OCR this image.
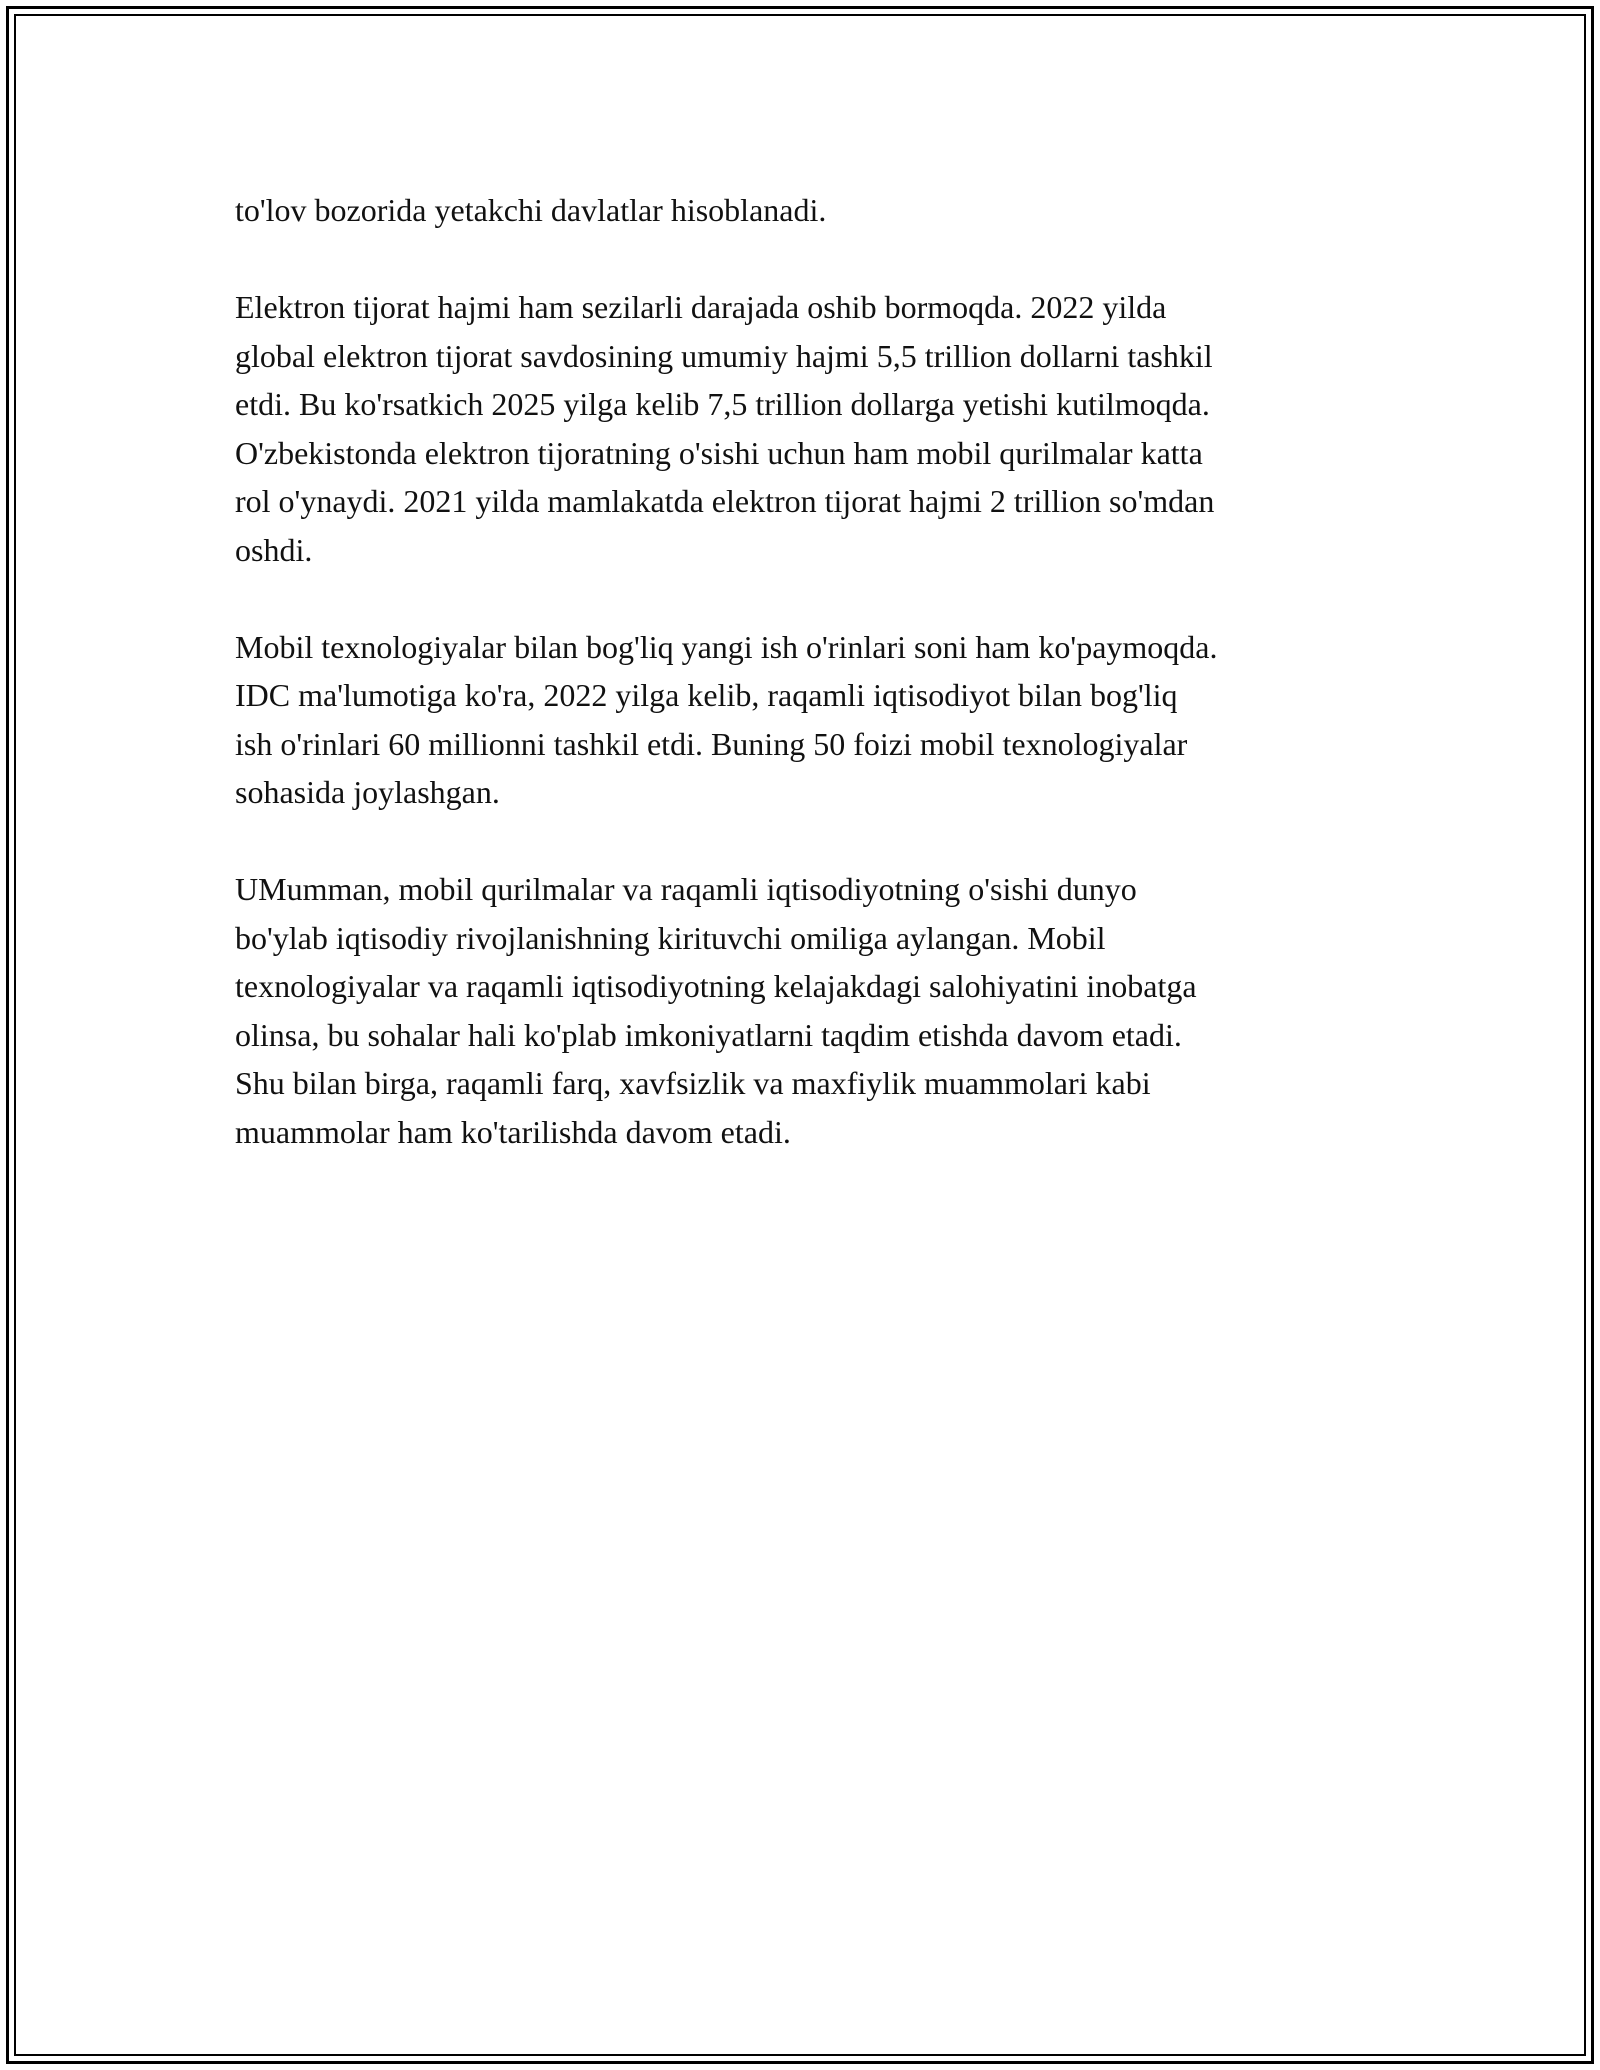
to'lov bozorida yetakchi davlatlar hisoblanadi.

Elektron tijorat hajmi ham sezilarli darajada oshib bormoqda. 2022 yilda
global elektron tijorat savdosining umumiy hajmi 5,5 trillion dollarni tashkil
etdi. Bu ko'rsatkich 2025 yilga kelib 7,5 trillion dollarga yetishi kutilmoqda.
O'zbekistonda elektron tijoratning o'sishi uchun ham mobil qurilmalar katta
rol o'ynaydi. 2021 yilda mamlakatda elektron tijorat hajmi 2 trillion so'mdan
oshdi.

Mobil texnologiyalar bilan bog'liq yangi ish o'rinlari soni ham ko'paymoqda.
IDC ma'lumotiga ko'ra, 2022 yilga kelib, raqamli iqtisodiyot bilan bog'liq
ish o'rinlari 60 millionni tashkil etdi. Buning 50 foizi mobil texnologiyalar
sohasida joylashgan.

UMumman, mobil qurilmalar va raqamli iqtisodiyotning o'sishi dunyo
bo'ylab iqtisodiy rivojlanishning kirituvchi omiliga aylangan. Mobil
texnologiyalar va raqamli iqtisodiyotning kelajakdagi salohiyatini inobatga
olinsa, bu sohalar hali ko'plab imkoniyatlarni taqdim etishda davom etadi.
Shu bilan birga, raqamli farq, xavfsizlik va maxfiylik muammolari kabi
muammolar ham ko'tarilishda davom etadi.
